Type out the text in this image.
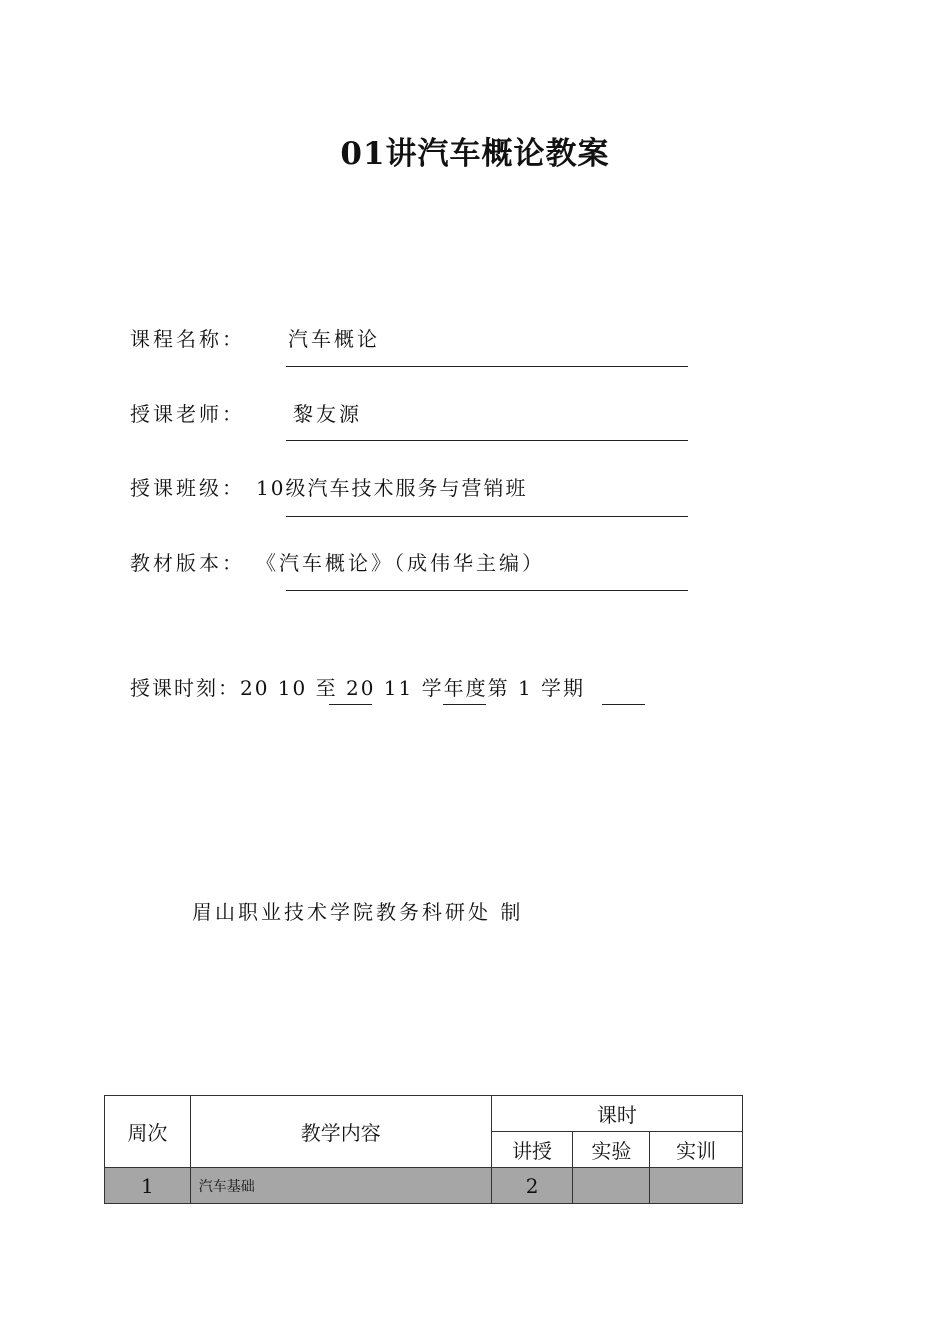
01讲汽车概论教案
课程名称： 汽车概论
授课老师： 黎友源
授课班级： 10级汽车技术服务与营销班
教材版本： 《汽车概论》（成伟华主编）
授课时刻：20 10 至 20 11 学年度第 1 学期
眉山职业技术学院教务科研处 制
周次	教学内容	课时		
		讲授	实验	实训
1	汽车基础	2		
